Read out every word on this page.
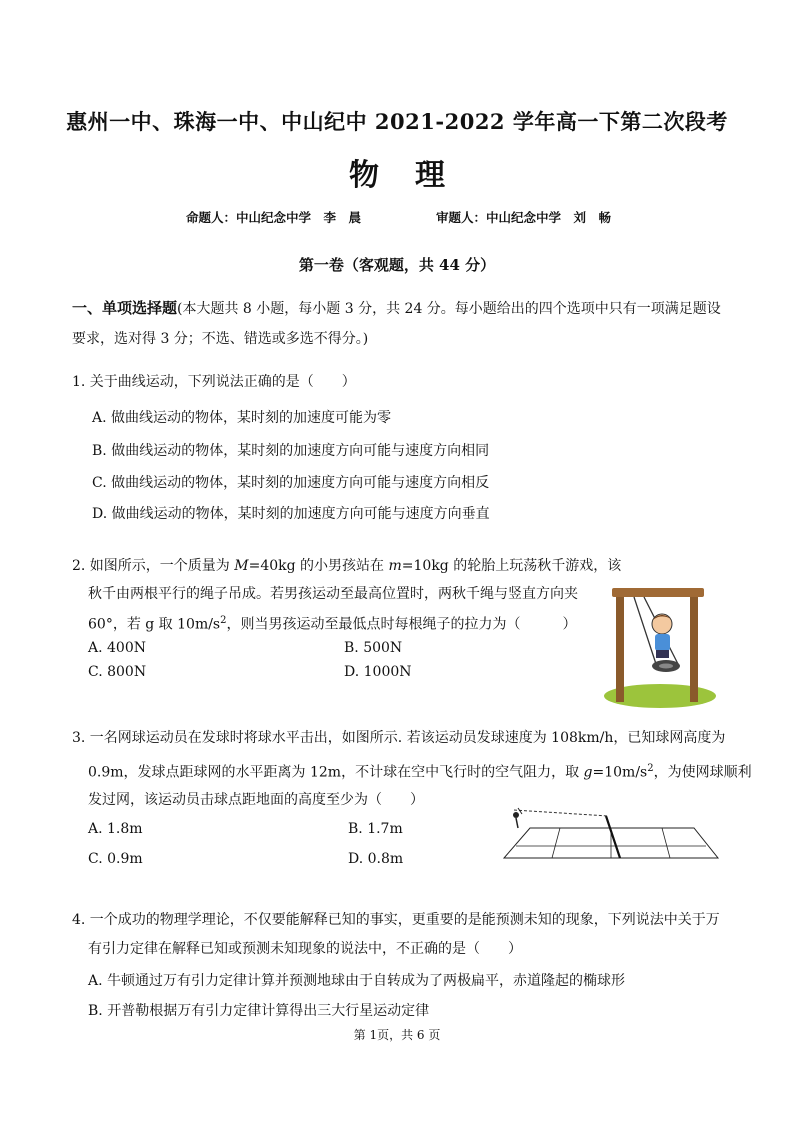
惠州一中、珠海一中、中山纪中 2021-2022 学年高一下第二次段考
物理
命题人：中山纪念中学　李　晨	审题人：中山纪念中学　刘　畅
第一卷（客观题，共 44 分）
一、单项选择题(本大题共 8 小题，每小题 3 分，共 24 分。每小题给出的四个选项中只有一项满足题设要求，选对得 3 分；不选、错选或多选不得分。)
1. 关于曲线运动，下列说法正确的是（　　）
A. 做曲线运动的物体，某时刻的加速度可能为零
B. 做曲线运动的物体，某时刻的加速度方向可能与速度方向相同
C. 做曲线运动的物体，某时刻的加速度方向可能与速度方向相反
D. 做曲线运动的物体，某时刻的加速度方向可能与速度方向垂直
2. 如图所示，一个质量为 M=40kg 的小男孩站在 m=10kg 的轮胎上玩荡秋千游戏，该
秋千由两根平行的绳子吊成。若男孩运动至最高位置时，两秋千绳与竖直方向夹
60°，若 g 取 $10m/s^2$，则当男孩运动至最低点时每根绳子的拉力为（　　　）
A. 400N	B. 500N
C. 800N	D. 1000N
3. 一名网球运动员在发球时将球水平击出，如图所示. 若该运动员发球速度为 108km/h，已知球网高度为
0.9m，发球点距球网的水平距离为 12m，不计球在空中飞行时的空气阻力，取 $g=10m/s^2$，为使网球顺利
发过网，该运动员击球点距地面的高度至少为（　　）
A. 1.8m	B. 1.7m
C. 0.9m	D. 0.8m
4. 一个成功的物理学理论，不仅要能解释已知的事实，更重要的是能预测未知的现象，下列说法中关于万
有引力定律在解释已知或预测未知现象的说法中，不正确的是（　　）
A. 牛顿通过万有引力定律计算并预测地球由于自转成为了两极扁平，赤道隆起的椭球形
B. 开普勒根据万有引力定律计算得出三大行星运动定律
第 1页，共 6 页
